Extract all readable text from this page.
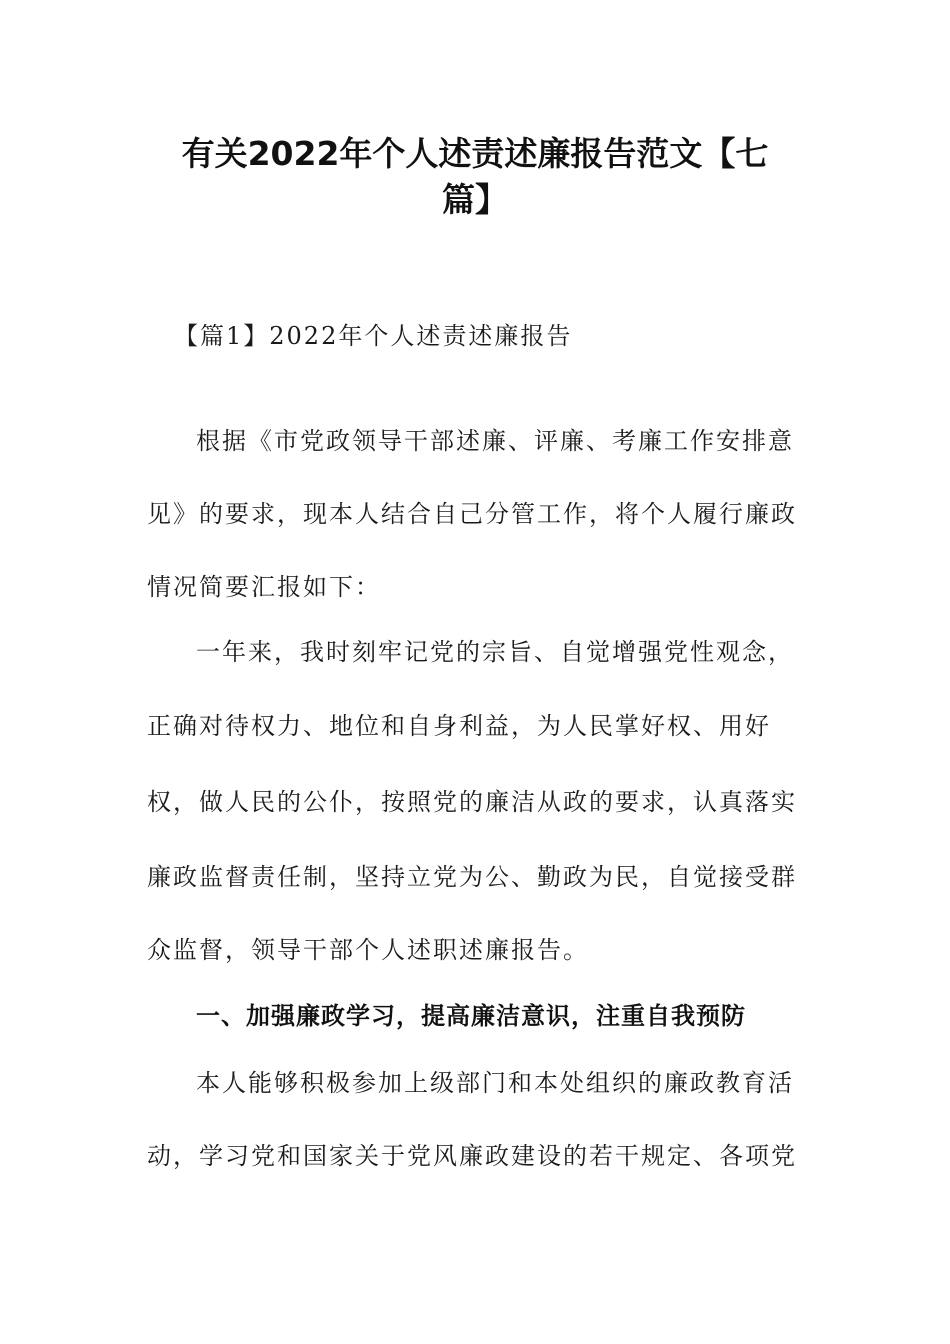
有关2022年个人述责述廉报告范文【七
篇】
【篇1】2022年个人述责述廉报告
根据《市党政领导干部述廉、评廉、考廉工作安排意
见》的要求，现本人结合自己分管工作，将个人履行廉政
情况简要汇报如下：
一年来，我时刻牢记党的宗旨、自觉增强党性观念，
正确对待权力、地位和自身利益，为人民掌好权、用好
权，做人民的公仆，按照党的廉洁从政的要求，认真落实
廉政监督责任制，坚持立党为公、勤政为民，自觉接受群
众监督，领导干部个人述职述廉报告。
一、加强廉政学习，提高廉洁意识，注重自我预防
本人能够积极参加上级部门和本处组织的廉政教育活
动，学习党和国家关于党风廉政建设的若干规定、各项党
